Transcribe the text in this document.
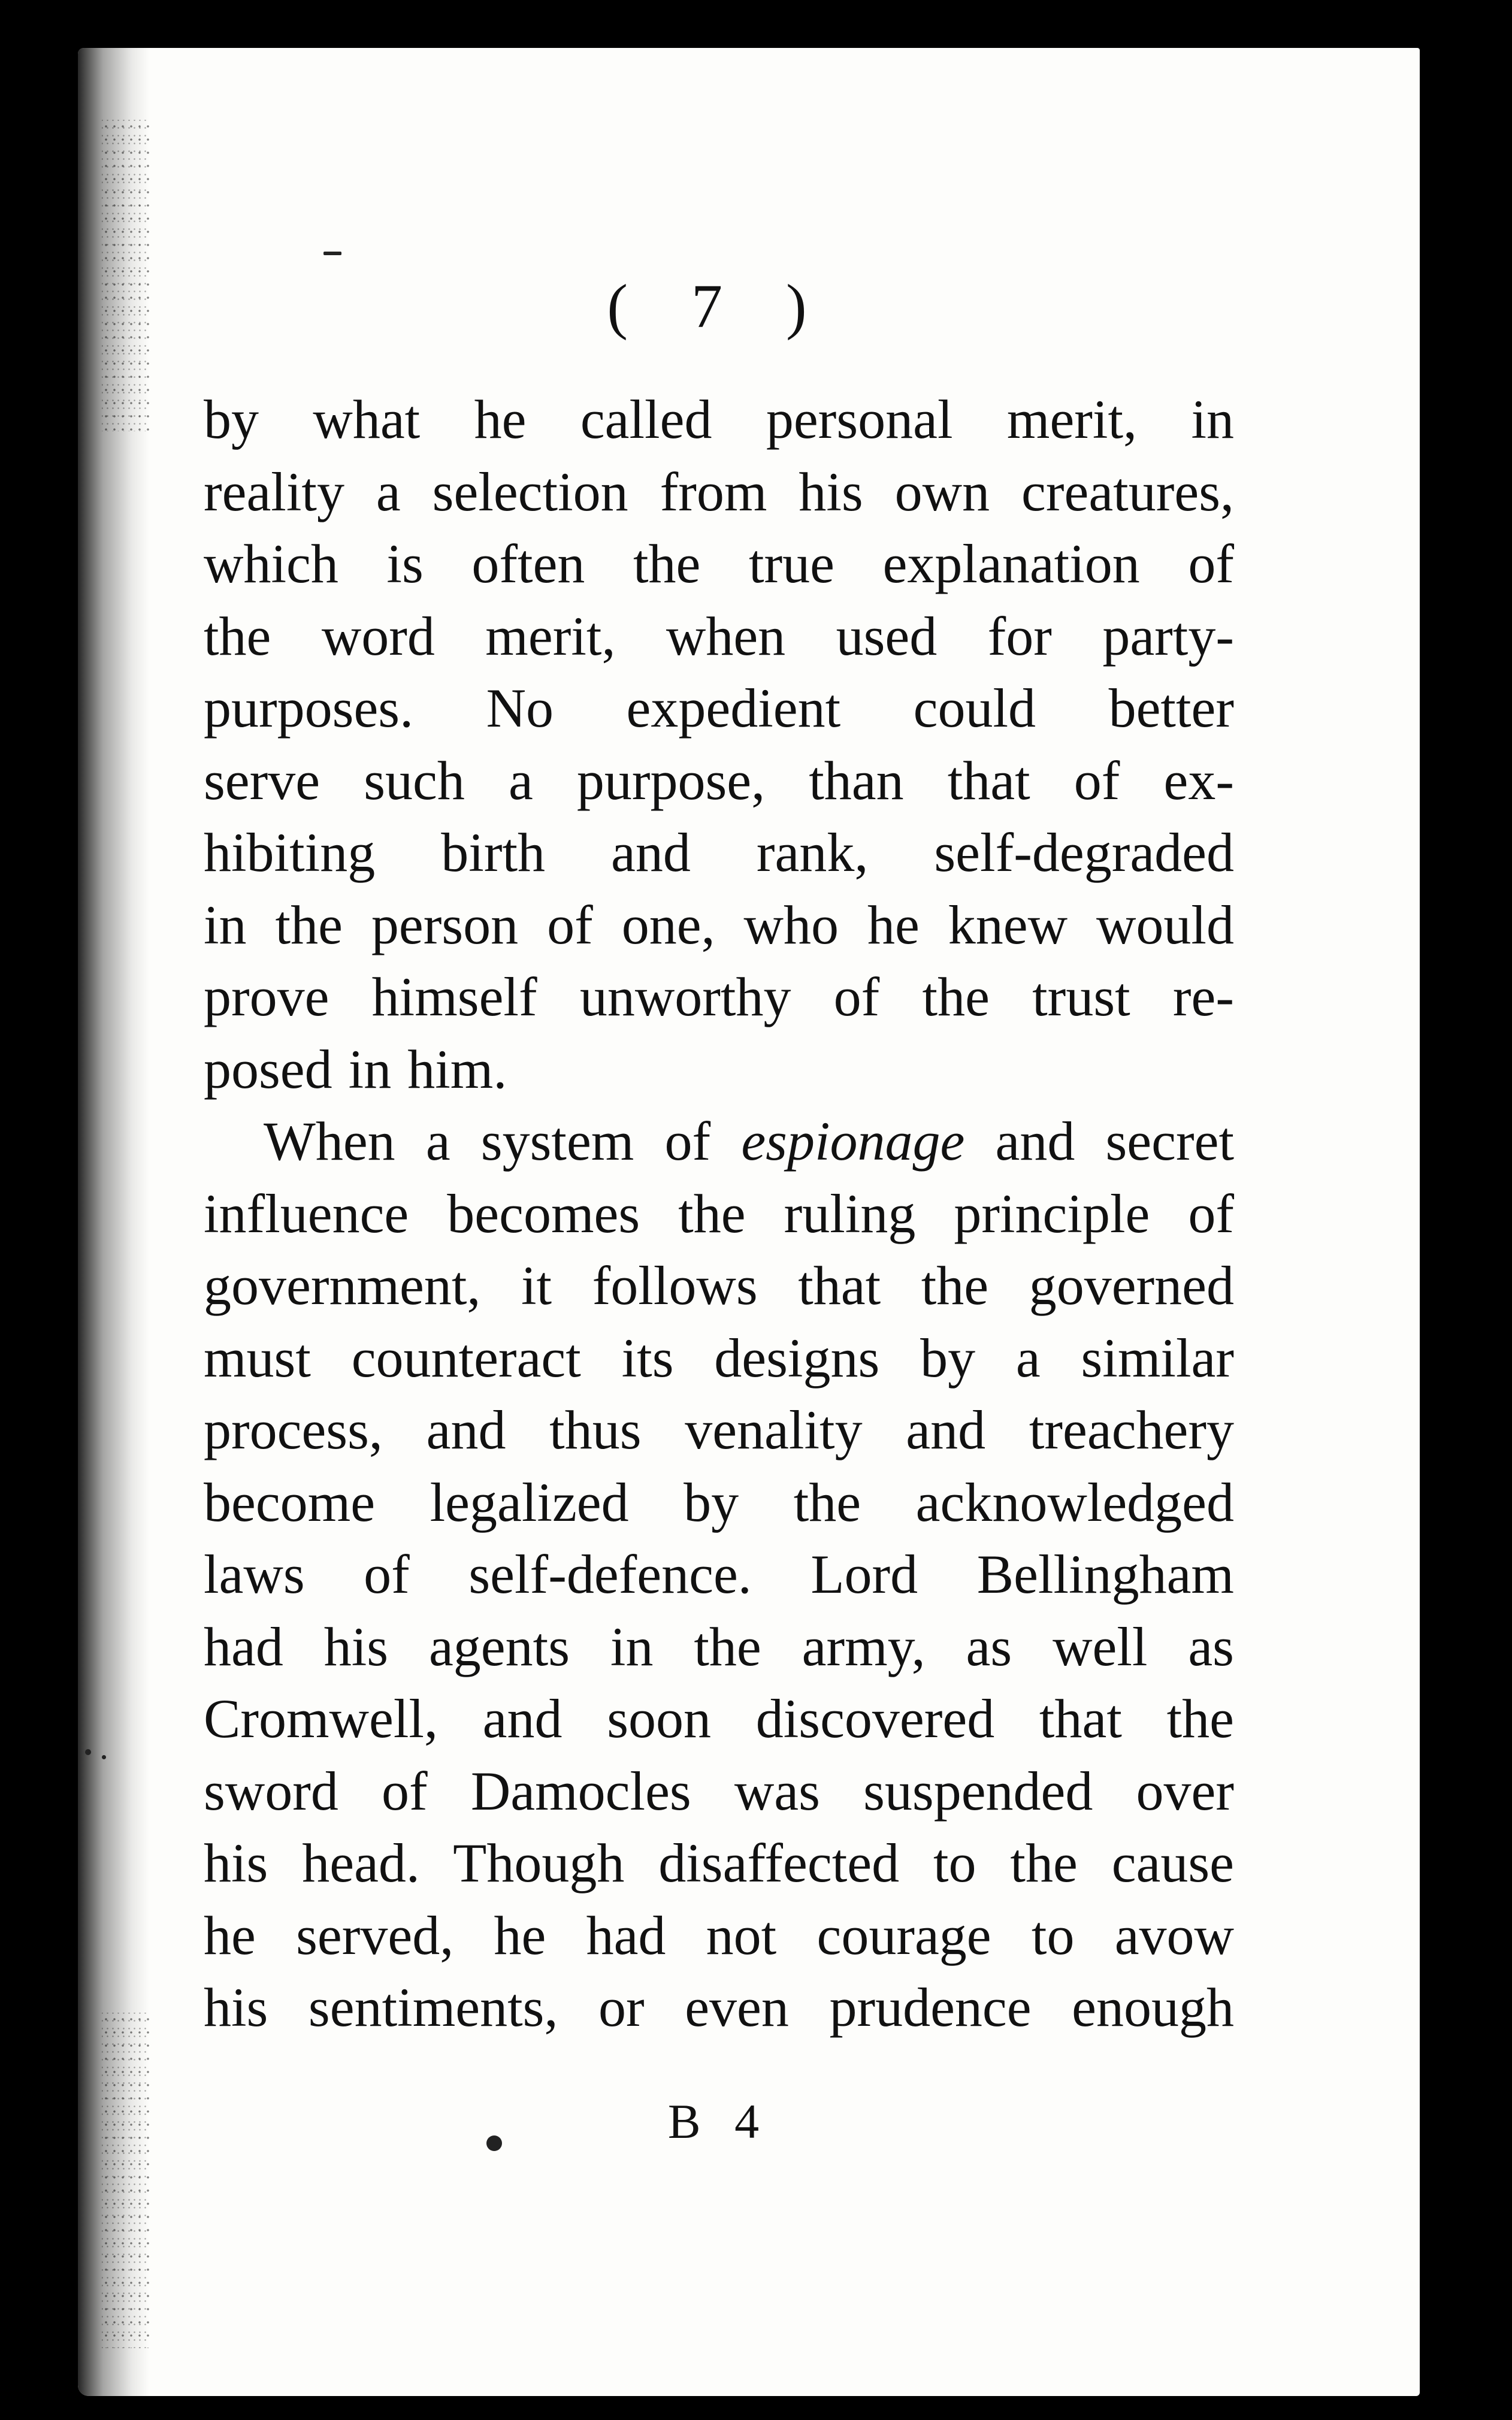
( 7 )
by what he called personal merit, in
reality a selection from his own creatures,
which is often the true explanation of
the word merit, when used for party-
purposes. No expedient could better
serve such a purpose, than that of ex-
hibiting birth and rank, self-degraded
in the person of one, who he knew would
prove himself unworthy of the trust re-
posed in him.
When a system of espionage and secret
influence becomes the ruling principle of
government, it follows that the governed
must counteract its designs by a similar
process, and thus venality and treachery
become legalized by the acknowledged
laws of self-defence. Lord Bellingham
had his agents in the army, as well as
Cromwell, and soon discovered that the
sword of Damocles was suspended over
his head. Though disaffected to the cause
he served, he had not courage to avow
his sentiments, or even prudence enough
B 4
